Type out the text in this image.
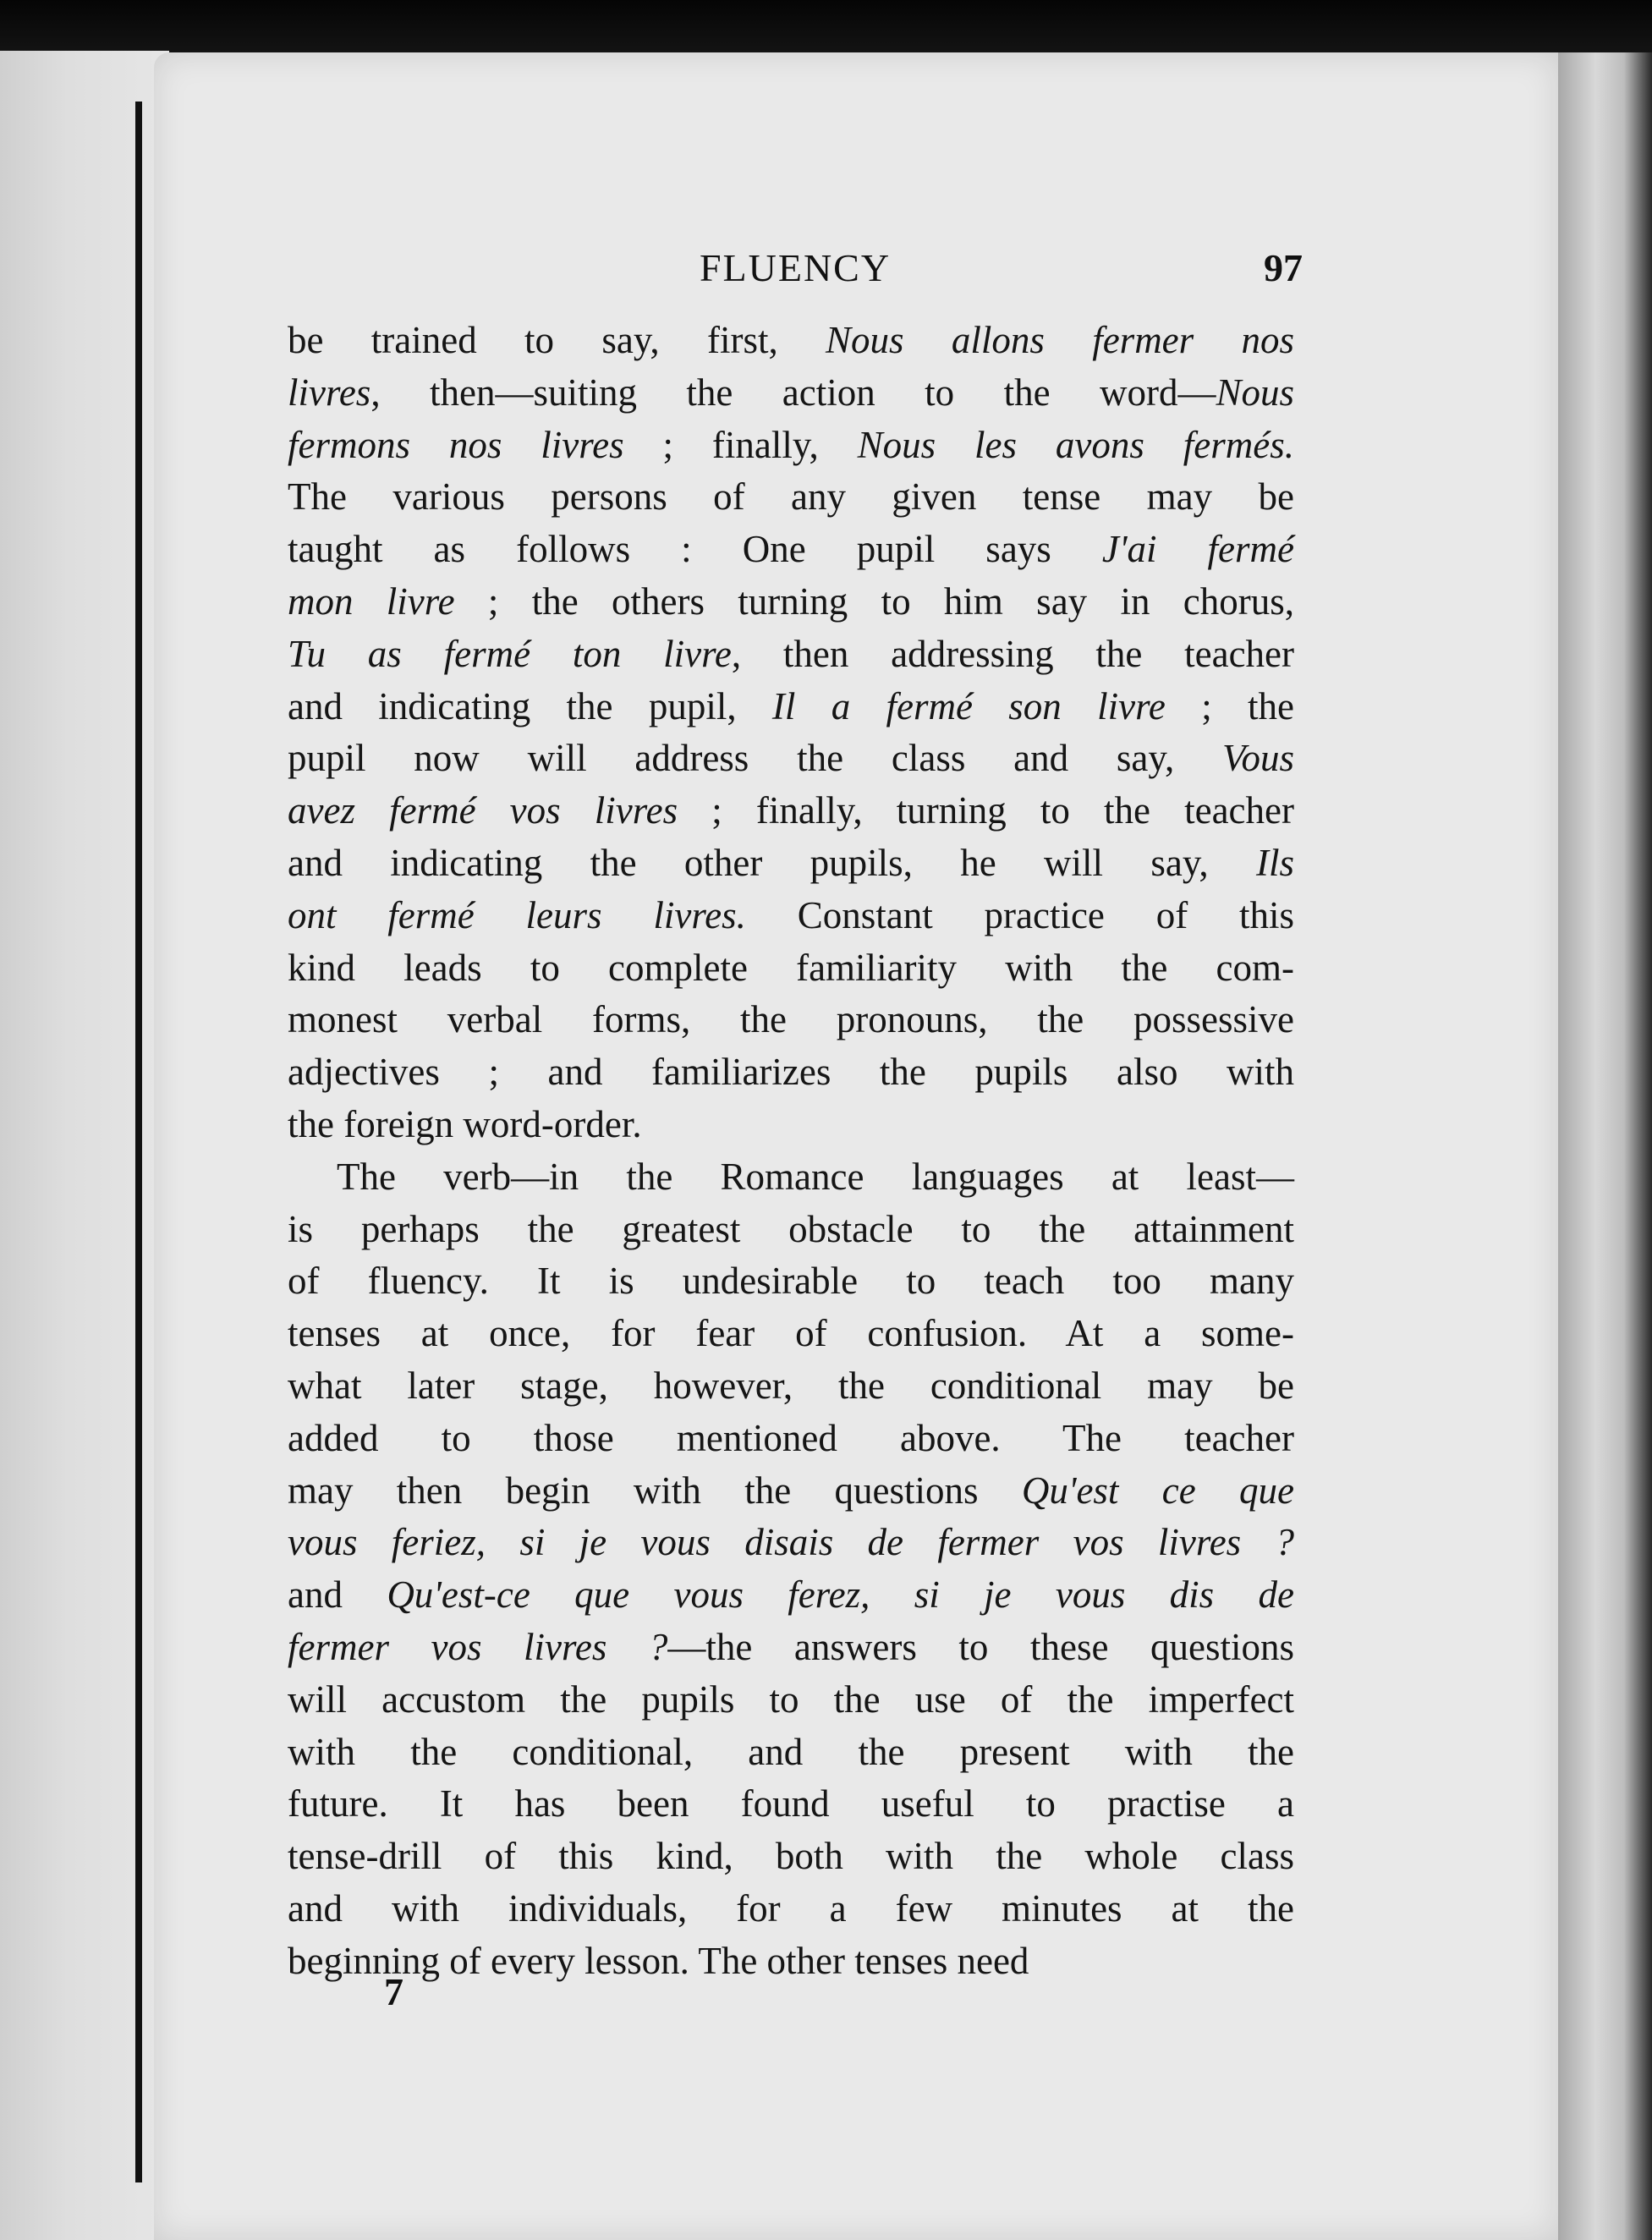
FLUENCY	97

be trained to say, first, Nous allons fermer nos
livres, then—suiting the action to the word—Nous
fermons nos livres ; finally, Nous les avons fermés.
The various persons of any given tense may be
taught as follows : One pupil says J'ai fermé
mon livre ; the others turning to him say in chorus,
Tu as fermé ton livre, then addressing the teacher
and indicating the pupil, Il a fermé son livre ; the
pupil now will address the class and say, Vous
avez fermé vos livres ; finally, turning to the teacher
and indicating the other pupils, he will say, Ils
ont fermé leurs livres. Constant practice of this
kind leads to complete familiarity with the com-
monest verbal forms, the pronouns, the possessive
adjectives ; and familiarizes the pupils also with
the foreign word-order.

The verb—in the Romance languages at least—
is perhaps the greatest obstacle to the attainment
of fluency. It is undesirable to teach too many
tenses at once, for fear of confusion. At a some-
what later stage, however, the conditional may be
added to those mentioned above. The teacher
may then begin with the questions Qu'est ce que
vous feriez, si je vous disais de fermer vos livres ?
and Qu'est-ce que vous ferez, si je vous dis de
fermer vos livres ?—the answers to these questions
will accustom the pupils to the use of the imperfect
with the conditional, and the present with the
future. It has been found useful to practise a
tense-drill of this kind, both with the whole class
and with individuals, for a few minutes at the
beginning of every lesson. The other tenses need

7
